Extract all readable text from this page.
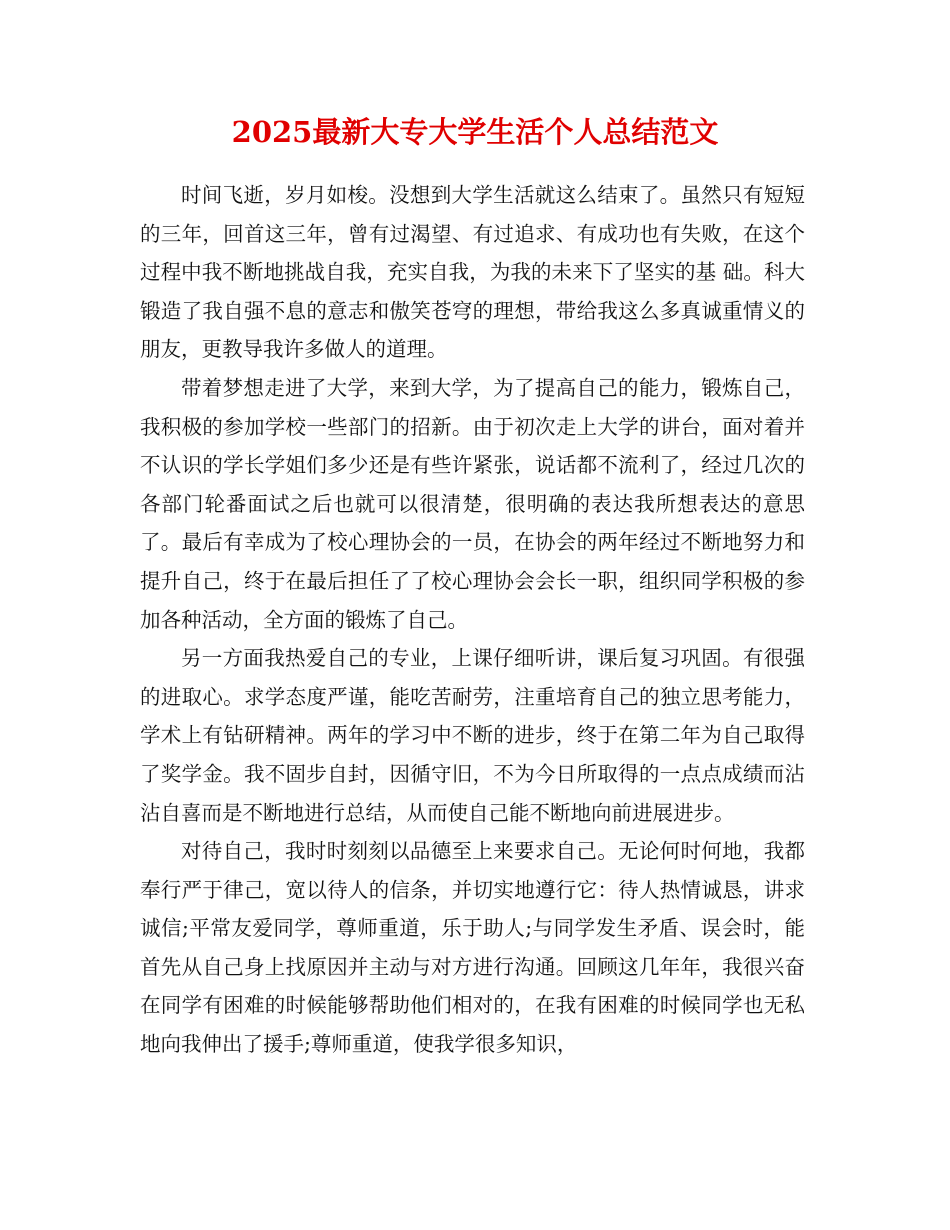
2025最新大专大学生活个人总结范文

时间飞逝，岁月如梭。没想到大学生活就这么结束了。虽然只有短短的三年，回首这三年，曾有过渴望、有过追求、有成功也有失败，在这个过程中我不断地挑战自我，充实自我，为我的未来下了坚实的基 础。科大锻造了我自强不息的意志和傲笑苍穹的理想，带给我这么多真诚重情义的朋友，更教导我许多做人的道理。

带着梦想走进了大学，来到大学，为了提高自己的能力，锻炼自己，我积极的参加学校一些部门的招新。由于初次走上大学的讲台，面对着并不认识的学长学姐们多少还是有些许紧张，说话都不流利了，经过几次的各部门轮番面试之后也就可以很清楚，很明确的表达我所想表达的意思了。最后有幸成为了校心理协会的一员，在协会的两年经过不断地努力和提升自己，终于在最后担任了了校心理协会会长一职，组织同学积极的参加各种活动，全方面的锻炼了自己。

另一方面我热爱自己的专业，上课仔细听讲，课后复习巩固。有很强的进取心。求学态度严谨，能吃苦耐劳，注重培育自己的独立思考能力，学术上有钻研精神。两年的学习中不断的进步，终于在第二年为自己取得了奖学金。我不固步自封，因循守旧，不为今日所取得的一点点成绩而沾沾自喜而是不断地进行总结，从而使自己能不断地向前进展进步。

对待自己，我时时刻刻以品德至上来要求自己。无论何时何地，我都奉行严于律己，宽以待人的信条，并切实地遵行它：待人热情诚恳，讲求诚信;平常友爱同学，尊师重道，乐于助人;与同学发生矛盾、误会时，能首先从自己身上找原因并主动与对方进行沟通。回顾这几年年，我很兴奋在同学有困难的时候能够帮助他们相对的，在我有困难的时候同学也无私地向我伸出了援手;尊师重道，使我学很多知识，
